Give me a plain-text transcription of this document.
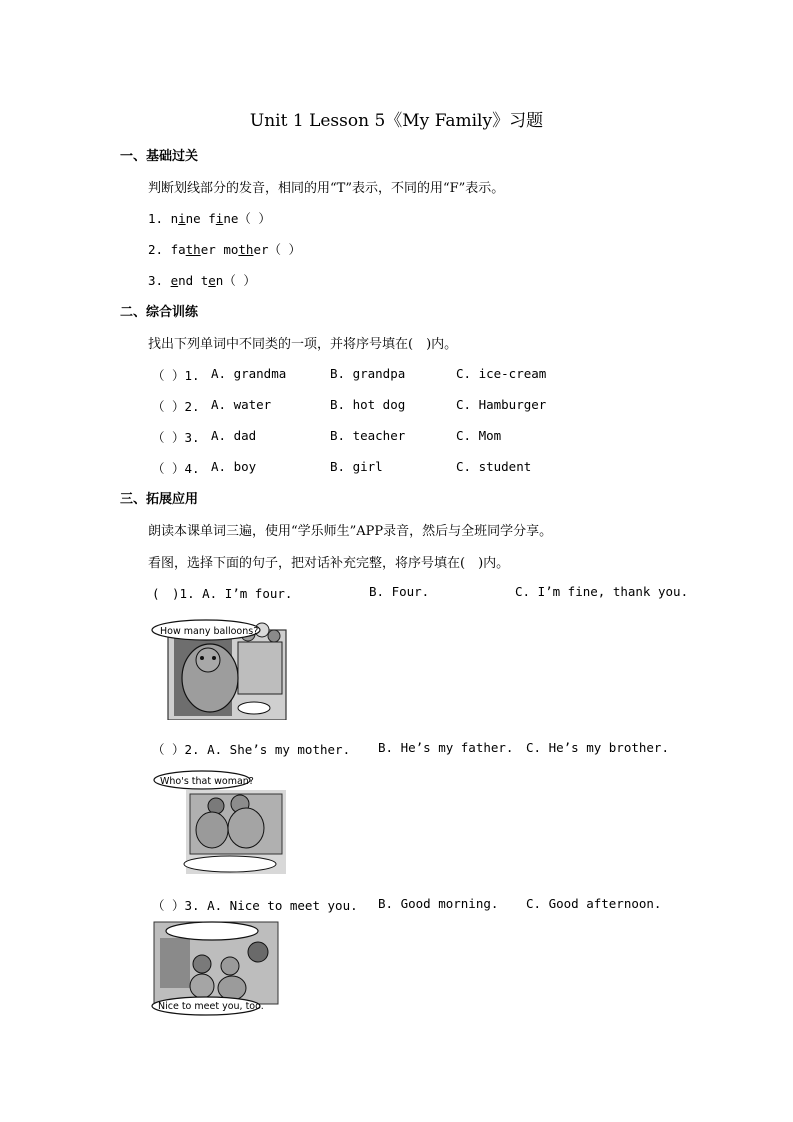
Unit 1 Lesson 5《My Family》习题
一、基础过关
判断划线部分的发音，相同的用“T”表示，不同的用“F”表示。
1. nine fine（ ）
2. father mother（ ）
3. end ten（ ）
二、综合训练
找出下列单词中不同类的一项，并将序号填在(　)内。
（ ）1. A. grandma	B. grandpa	C. ice-cream
（ ）2. A. water	B. hot dog	C. Hamburger
（ ）3. A. dad	B. teacher	C. Mom
（ ）4. A. boy	B. girl	C. student
三、拓展应用
朗读本课单词三遍，使用“学乐师生”APP录音，然后与全班同学分享。
看图，选择下面的句子，把对话补充完整，将序号填在(　)内。
(　)1. A. I’m four.	B. Four.	C. I’m fine, thank you.
How many balloons?
（ ）2. A. She’s my mother. B. He’s my father. C. He’s my brother.
Who's that woman?
（ ）3. A. Nice to meet you. B. Good morning. C. Good afternoon.
Nice to meet you, too.
